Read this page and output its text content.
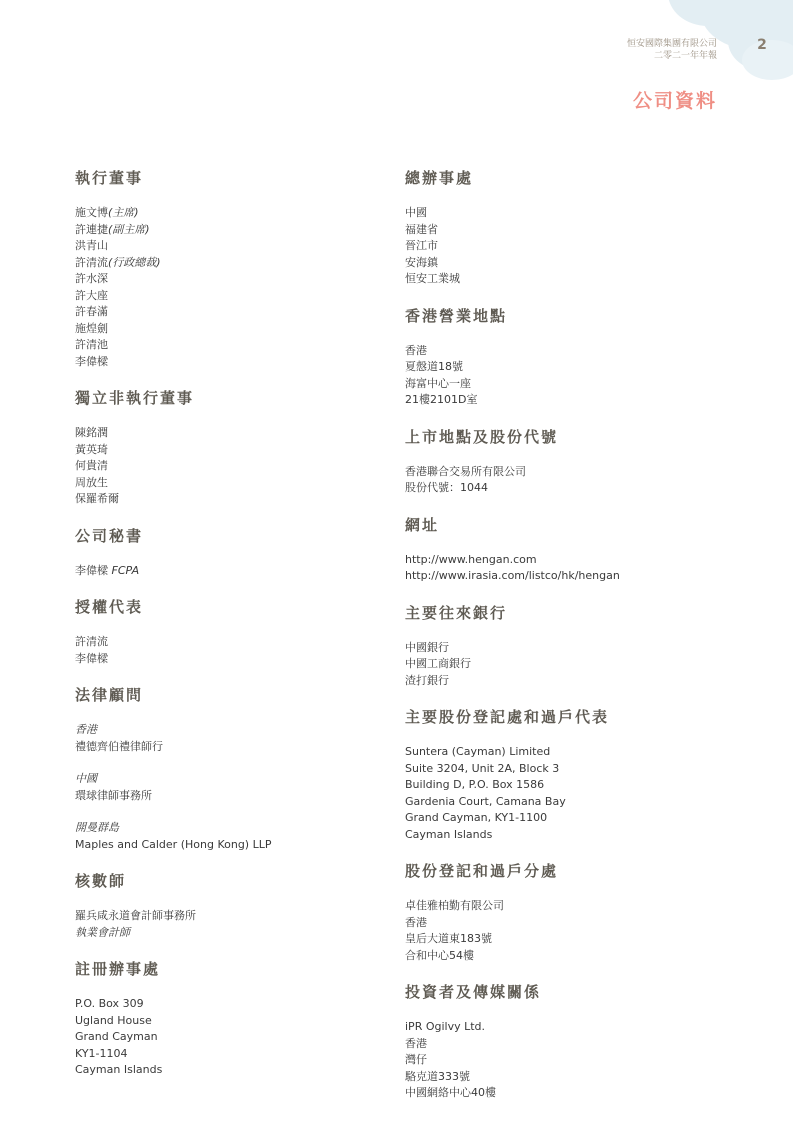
恒安國際集團有限公司
二零二一年年報
2
公司資料
執行董事
施文博(主席)
許連捷(副主席)
洪青山
許清流(行政總裁)
許水深
許大座
許春滿
施煌劍
許清池
李偉樑
獨立非執行董事
陳銘潤
黃英琦
何貴清
周放生
保羅希爾
公司秘書
李偉樑 FCPA
授權代表
許清流
李偉樑
法律顧問
香港
禮德齊伯禮律師行
中國
環球律師事務所
開曼群島
Maples and Calder (Hong Kong) LLP
核數師
羅兵咸永道會計師事務所
執業會計師
註冊辦事處
P.O. Box 309
Ugland House
Grand Cayman
KY1-1104
Cayman Islands
總辦事處
中國
福建省
晉江市
安海鎮
恒安工業城
香港營業地點
香港
夏慤道18號
海富中心一座
21樓2101D室
上市地點及股份代號
香港聯合交易所有限公司
股份代號：1044
網址
http://www.hengan.com
http://www.irasia.com/listco/hk/hengan
主要往來銀行
中國銀行
中國工商銀行
渣打銀行
主要股份登記處和過戶代表
Suntera (Cayman) Limited
Suite 3204, Unit 2A, Block 3
Building D, P.O. Box 1586
Gardenia Court, Camana Bay
Grand Cayman, KY1-1100
Cayman Islands
股份登記和過戶分處
卓佳雅柏勤有限公司
香港
皇后大道東183號
合和中心54樓
投資者及傳媒關係
iPR Ogilvy Ltd.
香港
灣仔
駱克道333號
中國網絡中心40樓
